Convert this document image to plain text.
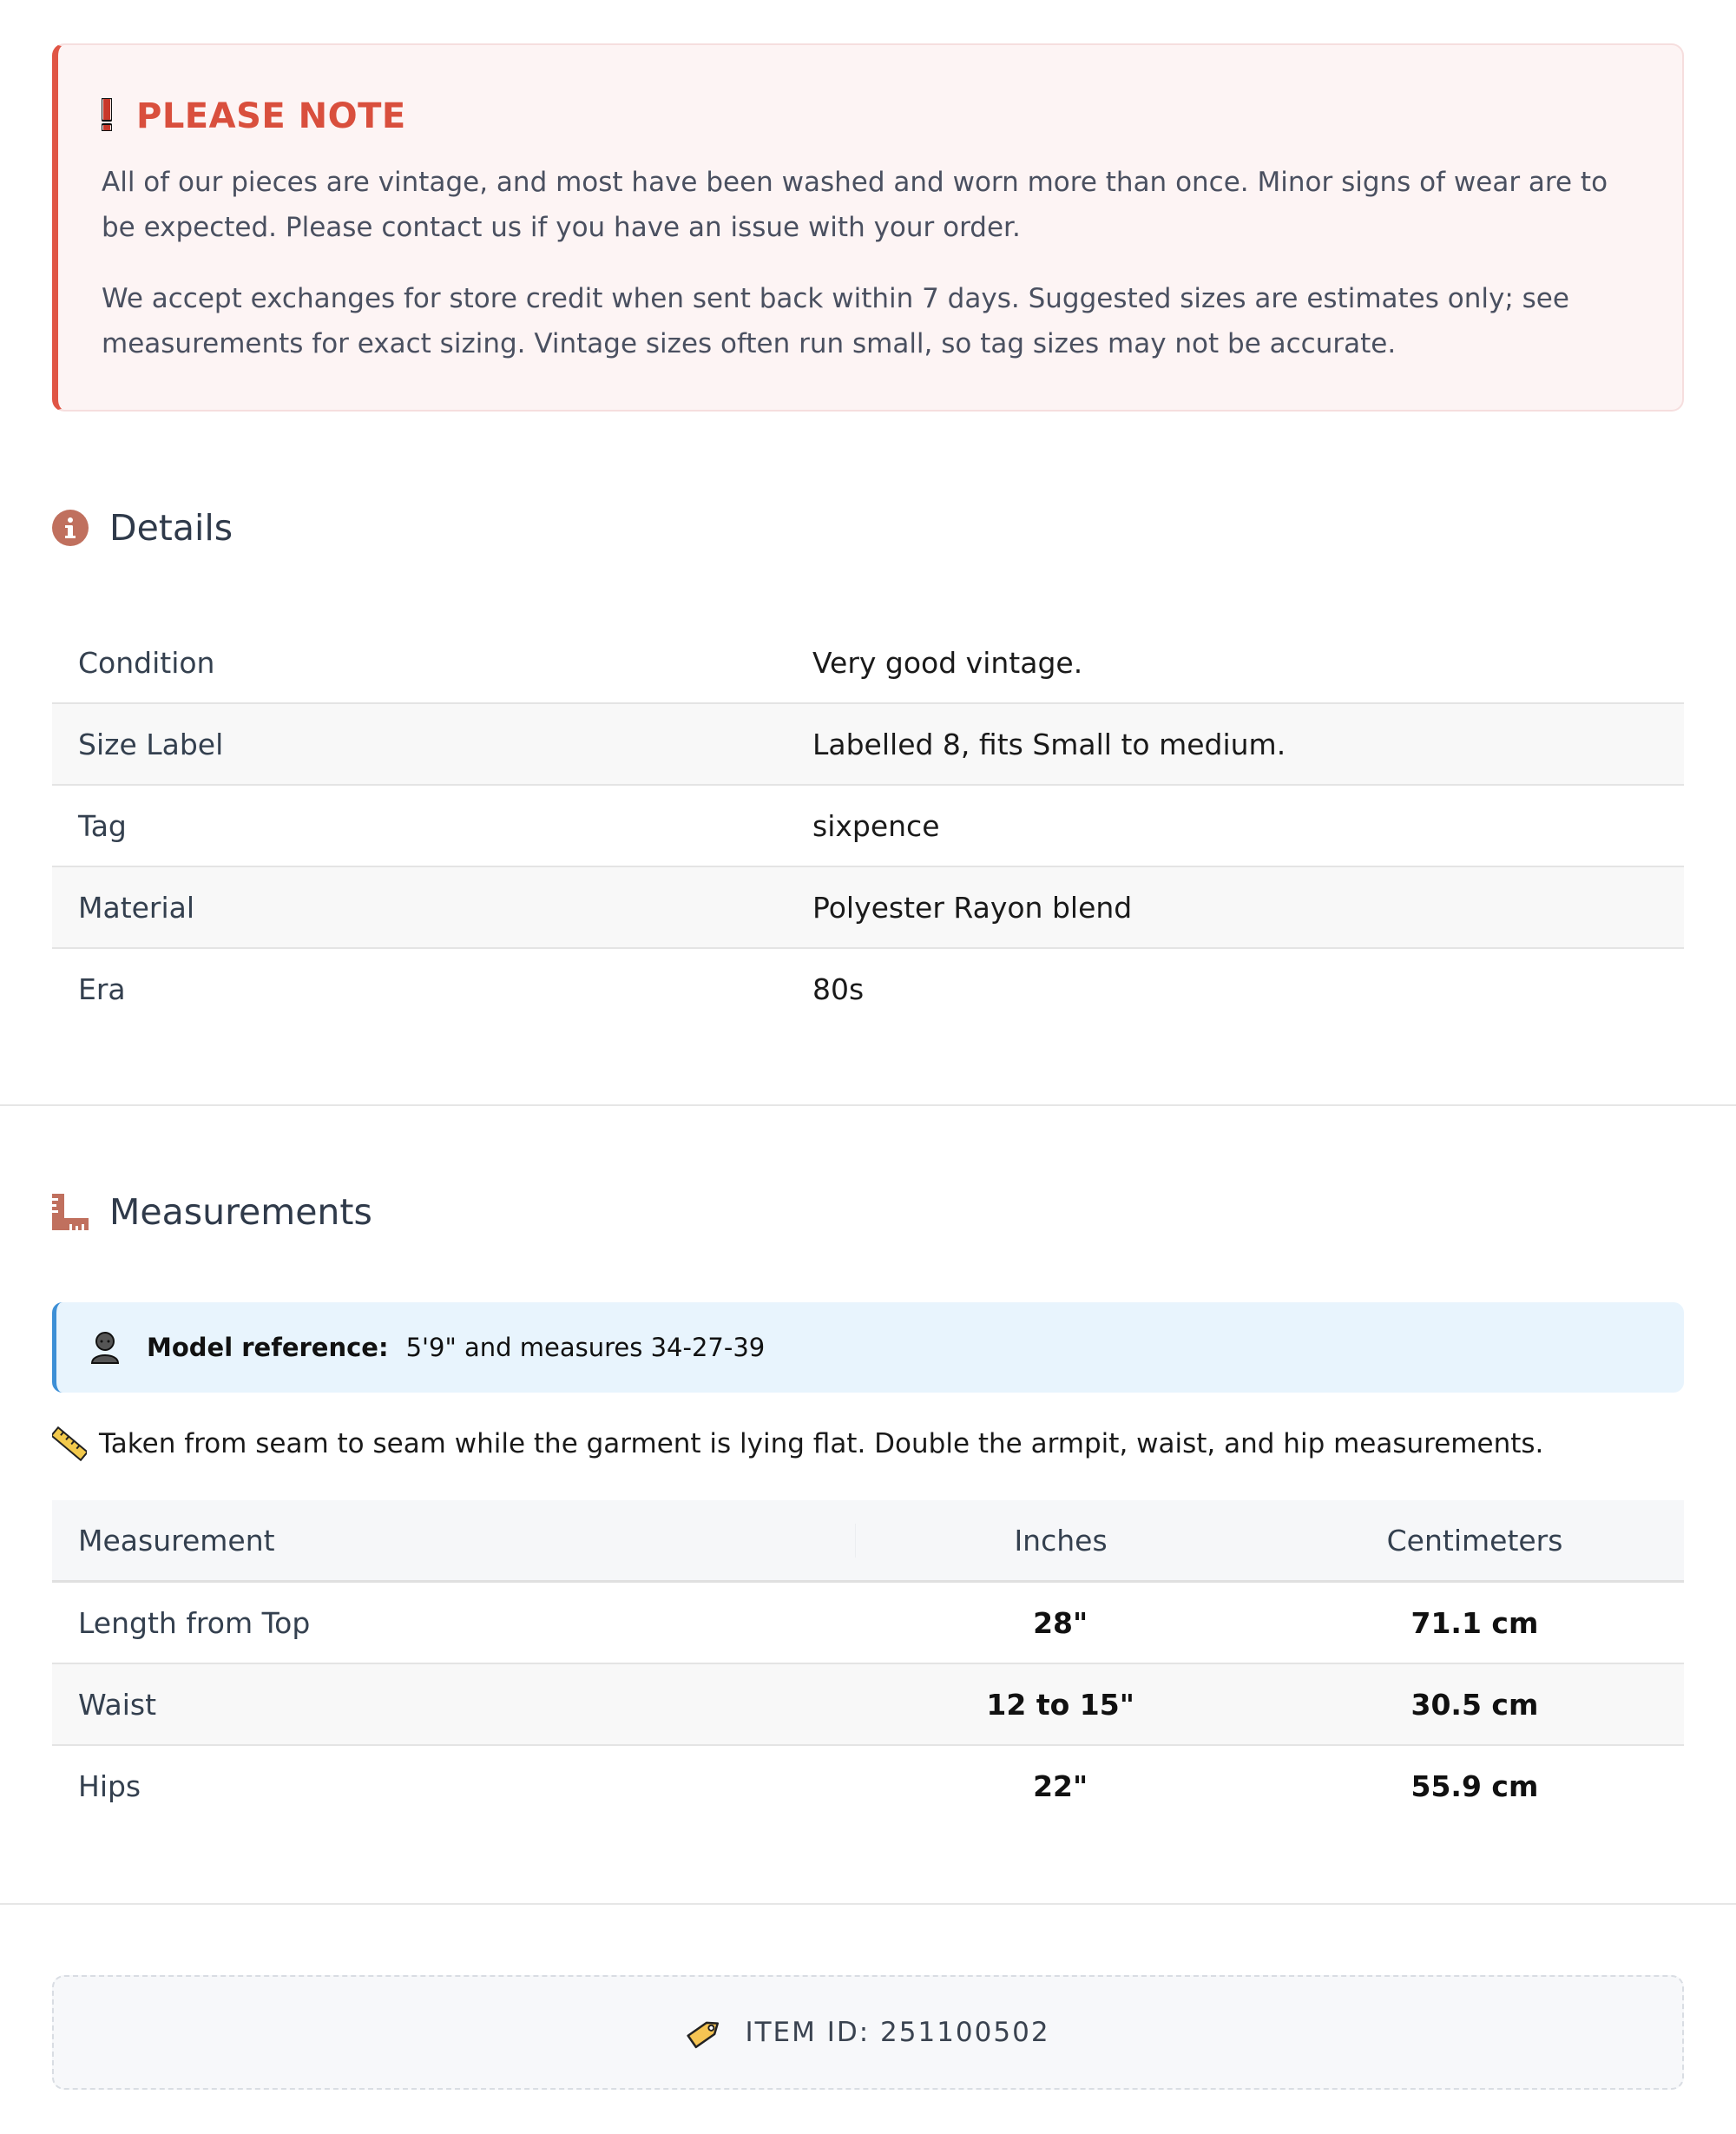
PLEASE NOTE

All of our pieces are vintage, and most have been washed and worn more than once. Minor signs of wear are to be expected. Please contact us if you have an issue with your order.

We accept exchanges for store credit when sent back within 7 days. Suggested sizes are estimates only; see measurements for exact sizing. Vintage sizes often run small, so tag sizes may not be accurate.

Details
Condition	Very good vintage.
Size Label	Labelled 8, fits Small to medium.
Tag	sixpence
Material	Polyester Rayon blend
Era	80s
Measurements
Model reference: 5'9" and measures 34-27-39
Taken from seam to seam while the garment is lying flat. Double the armpit, waist, and hip measurements.
Measurement	Inches	Centimeters
Length from Top	28"	71.1 cm
Waist	12 to 15"	30.5 cm
Hips	22"	55.9 cm
ITEM ID: 251100502
